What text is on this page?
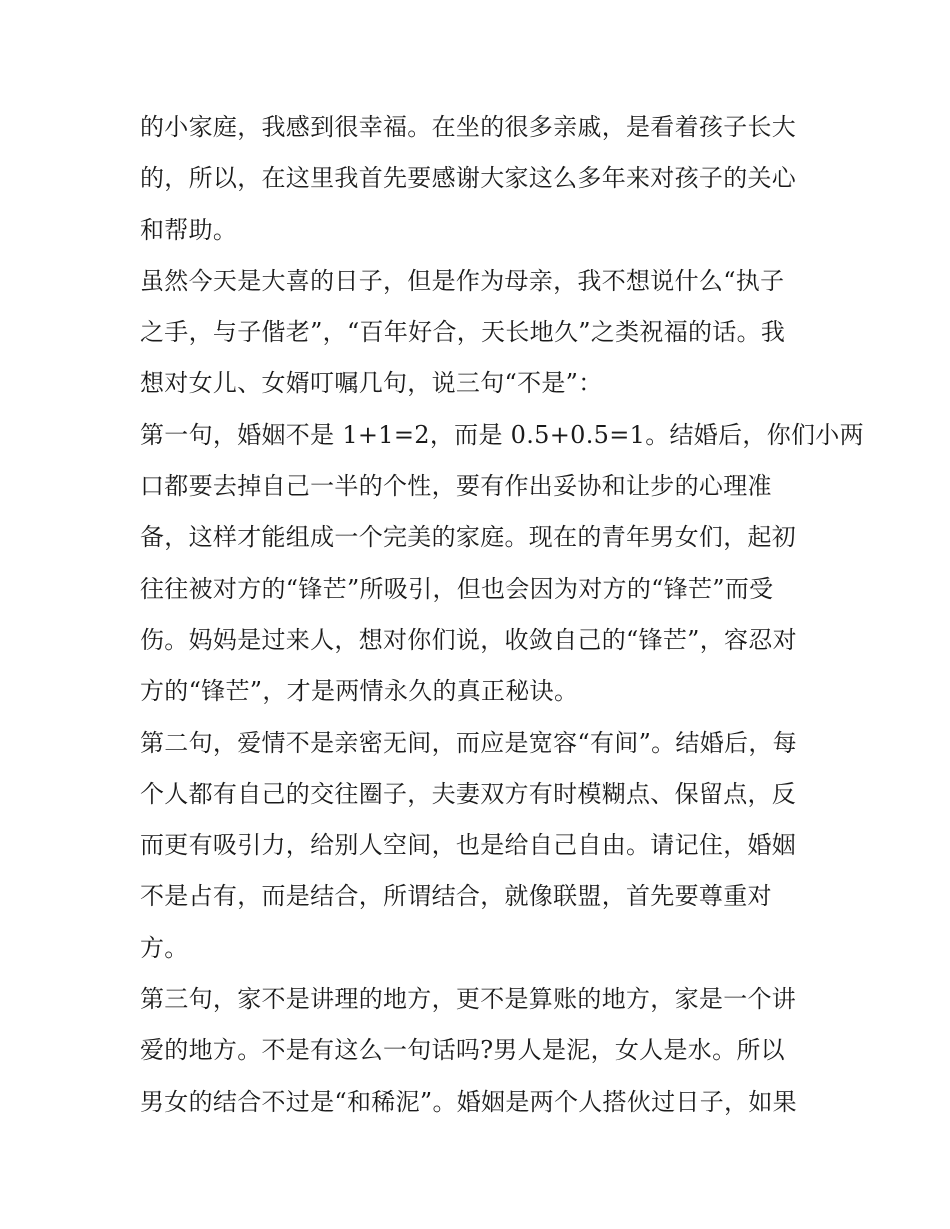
的小家庭，我感到很幸福。在坐的很多亲戚，是看着孩子长大
的，所以，在这里我首先要感谢大家这么多年来对孩子的关心
和帮助。
虽然今天是大喜的日子，但是作为母亲，我不想说什么“执子
之手，与子偕老”，“百年好合，天长地久”之类祝福的话。我
想对女儿、女婿叮嘱几句，说三句“不是”：
第一句，婚姻不是 1+1=2，而是 0.5+0.5=1。结婚后，你们小两
口都要去掉自己一半的个性，要有作出妥协和让步的心理准
备，这样才能组成一个完美的家庭。现在的青年男女们，起初
往往被对方的“锋芒”所吸引，但也会因为对方的“锋芒”而受
伤。妈妈是过来人，想对你们说，收敛自己的“锋芒”，容忍对
方的“锋芒”，才是两情永久的真正秘诀。
第二句，爱情不是亲密无间，而应是宽容“有间”。结婚后，每
个人都有自己的交往圈子，夫妻双方有时模糊点、保留点，反
而更有吸引力，给别人空间，也是给自己自由。请记住，婚姻
不是占有，而是结合，所谓结合，就像联盟，首先要尊重对
方。
第三句，家不是讲理的地方，更不是算账的地方，家是一个讲
爱的地方。不是有这么一句话吗?男人是泥，女人是水。所以
男女的结合不过是“和稀泥”。婚姻是两个人搭伙过日子，如果
